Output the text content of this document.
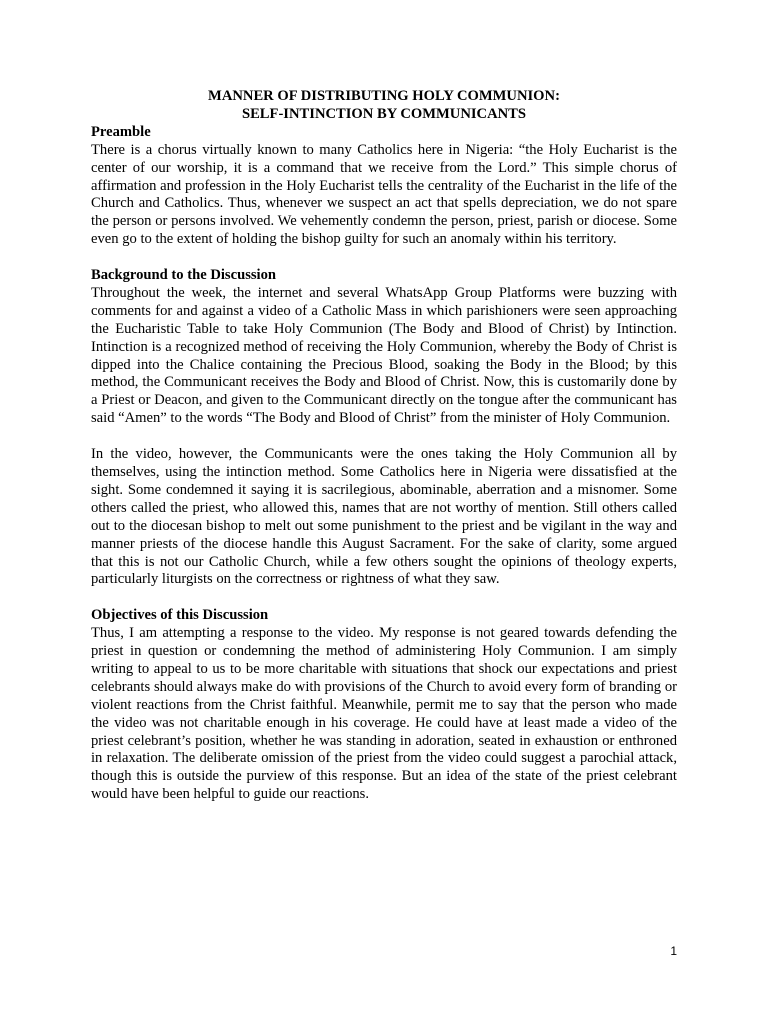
MANNER OF DISTRIBUTING HOLY COMMUNION:

SELF-INTINCTION BY COMMUNICANTS

Preamble

There is a chorus virtually known to many Catholics here in Nigeria: “the Holy Eucharist is the center of our worship, it is a command that we receive from the Lord.” This simple chorus of affirmation and profession in the Holy Eucharist tells the centrality of the Eucharist in the life of the Church and Catholics. Thus, whenever we suspect an act that spells depreciation, we do not spare the person or persons involved. We vehemently condemn the person, priest, parish or diocese. Some even go to the extent of holding the bishop guilty for such an anomaly within his territory.

Background to the Discussion

Throughout the week, the internet and several WhatsApp Group Platforms were buzzing with comments for and against a video of a Catholic Mass in which parishioners were seen approaching the Eucharistic Table to take Holy Communion (The Body and Blood of Christ) by Intinction. Intinction is a recognized method of receiving the Holy Communion, whereby the Body of Christ is dipped into the Chalice containing the Precious Blood, soaking the Body in the Blood; by this method, the Communicant receives the Body and Blood of Christ. Now, this is customarily done by a Priest or Deacon, and given to the Communicant directly on the tongue after the communicant has said “Amen” to the words “The Body and Blood of Christ” from the minister of Holy Communion.

In the video, however, the Communicants were the ones taking the Holy Communion all by themselves, using the intinction method. Some Catholics here in Nigeria were dissatisfied at the sight. Some condemned it saying it is sacrilegious, abominable, aberration and a misnomer. Some others called the priest, who allowed this, names that are not worthy of mention. Still others called out to the diocesan bishop to melt out some punishment to the priest and be vigilant in the way and manner priests of the diocese handle this August Sacrament. For the sake of clarity, some argued that this is not our Catholic Church, while a few others sought the opinions of theology experts, particularly liturgists on the correctness or rightness of what they saw.

Objectives of this Discussion

Thus, I am attempting a response to the video. My response is not geared towards defending the priest in question or condemning the method of administering Holy Communion. I am simply writing to appeal to us to be more charitable with situations that shock our expectations and priest celebrants should always make do with provisions of the Church to avoid every form of branding or violent reactions from the Christ faithful. Meanwhile, permit me to say that the person who made the video was not charitable enough in his coverage. He could have at least made a video of the priest celebrant’s position, whether he was standing in adoration, seated in exhaustion or enthroned in relaxation. The deliberate omission of the priest from the video could suggest a parochial attack, though this is outside the purview of this response. But an idea of the state of the priest celebrant would have been helpful to guide our reactions.

1
